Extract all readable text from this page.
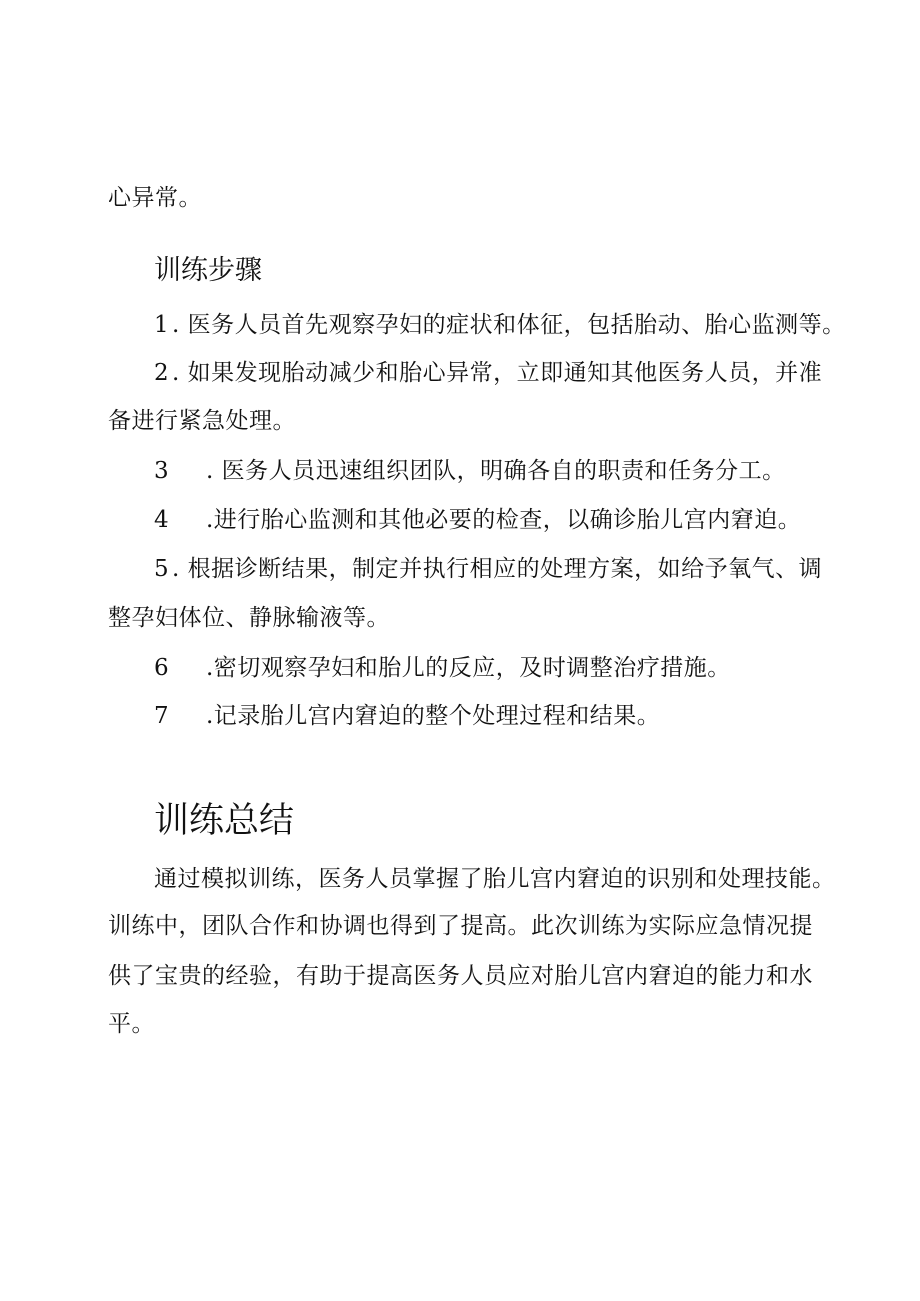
心异常。
训练步骤
1 . 医务人员首先观察孕妇的症状和体征，包括胎动、胎心监测等。
2 . 如果发现胎动减少和胎心异常，立即通知其他医务人员，并准
备进行紧急处理。
3 . 医务人员迅速组织团队，明确各自的职责和任务分工。
4 .进行胎心监测和其他必要的检查，以确诊胎儿宫内窘迫。
5 . 根据诊断结果，制定并执行相应的处理方案，如给予氧气、调
整孕妇体位、静脉输液等。
6 .密切观察孕妇和胎儿的反应，及时调整治疗措施。
7 .记录胎儿宫内窘迫的整个处理过程和结果。
训练总结
通过模拟训练，医务人员掌握了胎儿宫内窘迫的识别和处理技能。
训练中，团队合作和协调也得到了提高。此次训练为实际应急情况提
供了宝贵的经验，有助于提高医务人员应对胎儿宫内窘迫的能力和水
平。
